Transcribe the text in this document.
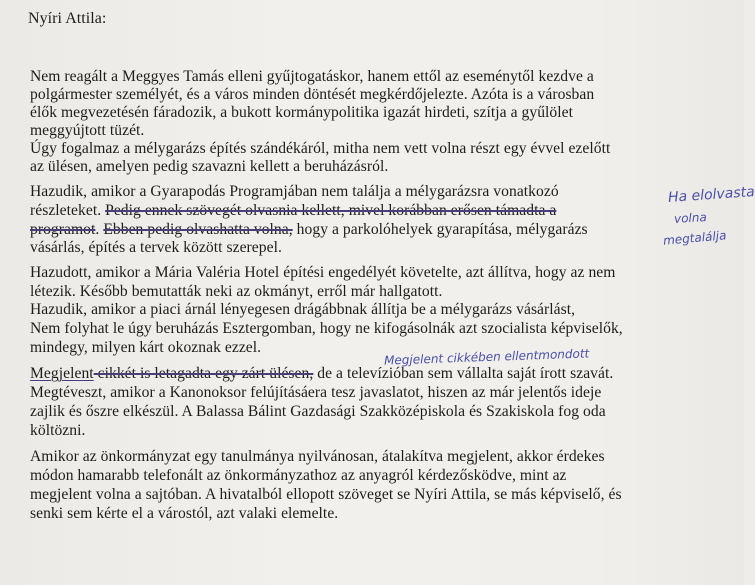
Nyíri Attila:
Nem reagált a Meggyes Tamás elleni gyűjtogatáskor, hanem ettől az eseménytől kezdve a
polgármester személyét, és a város minden döntését megkérdőjelezte. Azóta is a városban
élők megvezetésén fáradozik, a bukott kormánypolitika igazát hirdeti, szítja a gyűlölet
meggyújtott tüzét.
Úgy fogalmaz a mélygarázs építés szándékáról, mitha nem vett volna részt egy évvel ezelőtt
az ülésen, amelyen pedig szavazni kellett a beruházásról.
Hazudik, amikor a Gyarapodás Programjában nem találja a mélygarázsra vonatkozó
részleteket. Pedig ennek szövegét olvasnia kellett, mivel korábban erősen támadta a
programot. Ebben pedig olvashatta volna, hogy a parkolóhelyek gyarapítása, mélygarázs
vásárlás, építés a tervek között szerepel.
Hazudott, amikor a Mária Valéria Hotel építési engedélyét követelte, azt állítva, hogy az nem
létezik. Később bemutatták neki az okmányt, erről már hallgatott.
Hazudik, amikor a piaci árnál lényegesen drágábbnak állítja be a mélygarázs vásárlást,
Nem folyhat le úgy beruházás Esztergomban, hogy ne kifogásolnák azt szocialista képviselők,
mindegy, milyen kárt okoznak ezzel.
Megjelent cikkét is letagadta egy zárt ülésen, de a televízióban sem vállalta saját írott szavát.
Megtéveszt, amikor a Kanonoksor felújításáera tesz javaslatot, hiszen az már jelentős ideje
zajlik és őszre elkészül. A Balassa Bálint Gazdasági Szakközépiskola és Szakiskola fog oda
költözni.
Amikor az önkormányzat egy tanulmánya nyilvánosan, átalakítva megjelent, akkor érdekes
módon hamarabb telefonált az önkormányzathoz az anyagról kérdezősködve, mint az
megjelent volna a sajtóban. A hivatalból ellopott szöveget se Nyíri Attila, se más képviselő, és
senki sem kérte el a várostól, azt valaki elemelte.
Ha elolvasta
volna
megtalálja
Megjelent cikkében ellentmondott
